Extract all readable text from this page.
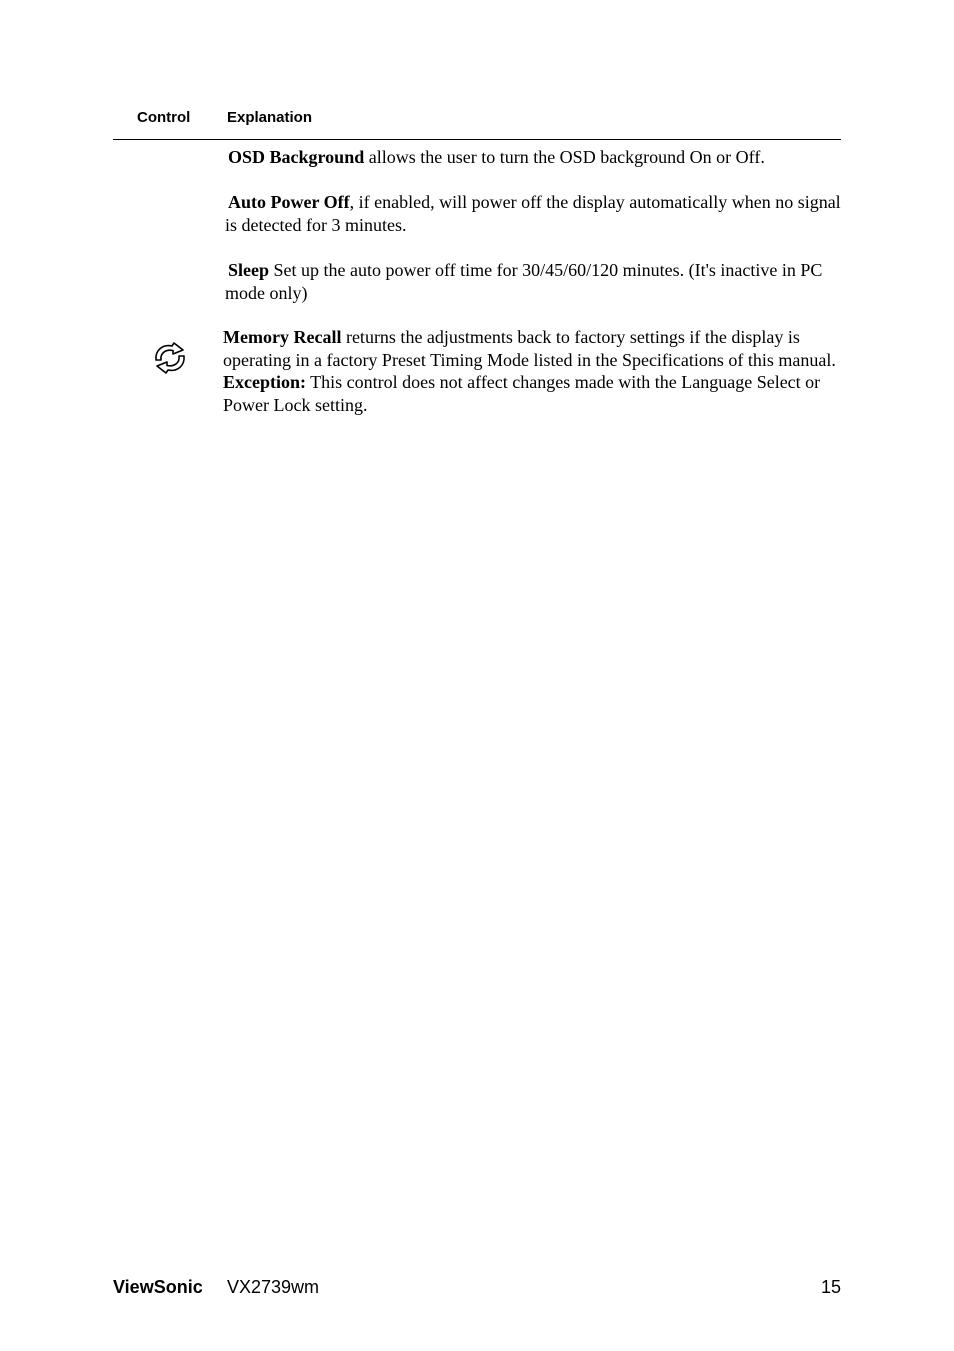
Control Explanation
OSD Background allows the user to turn the OSD background On or Off.
Auto Power Off, if enabled, will power off the display automatically when no signal is detected for 3 minutes.
Sleep Set up the auto power off time for 30/45/60/120 minutes. (It's inactive in PC mode only)
Memory Recall returns the adjustments back to factory settings if the display is operating in a factory Preset Timing Mode listed in the Specifications of this manual.
Exception: This control does not affect changes made with the Language Select or Power Lock setting.
ViewSonic VX2739wm	15
